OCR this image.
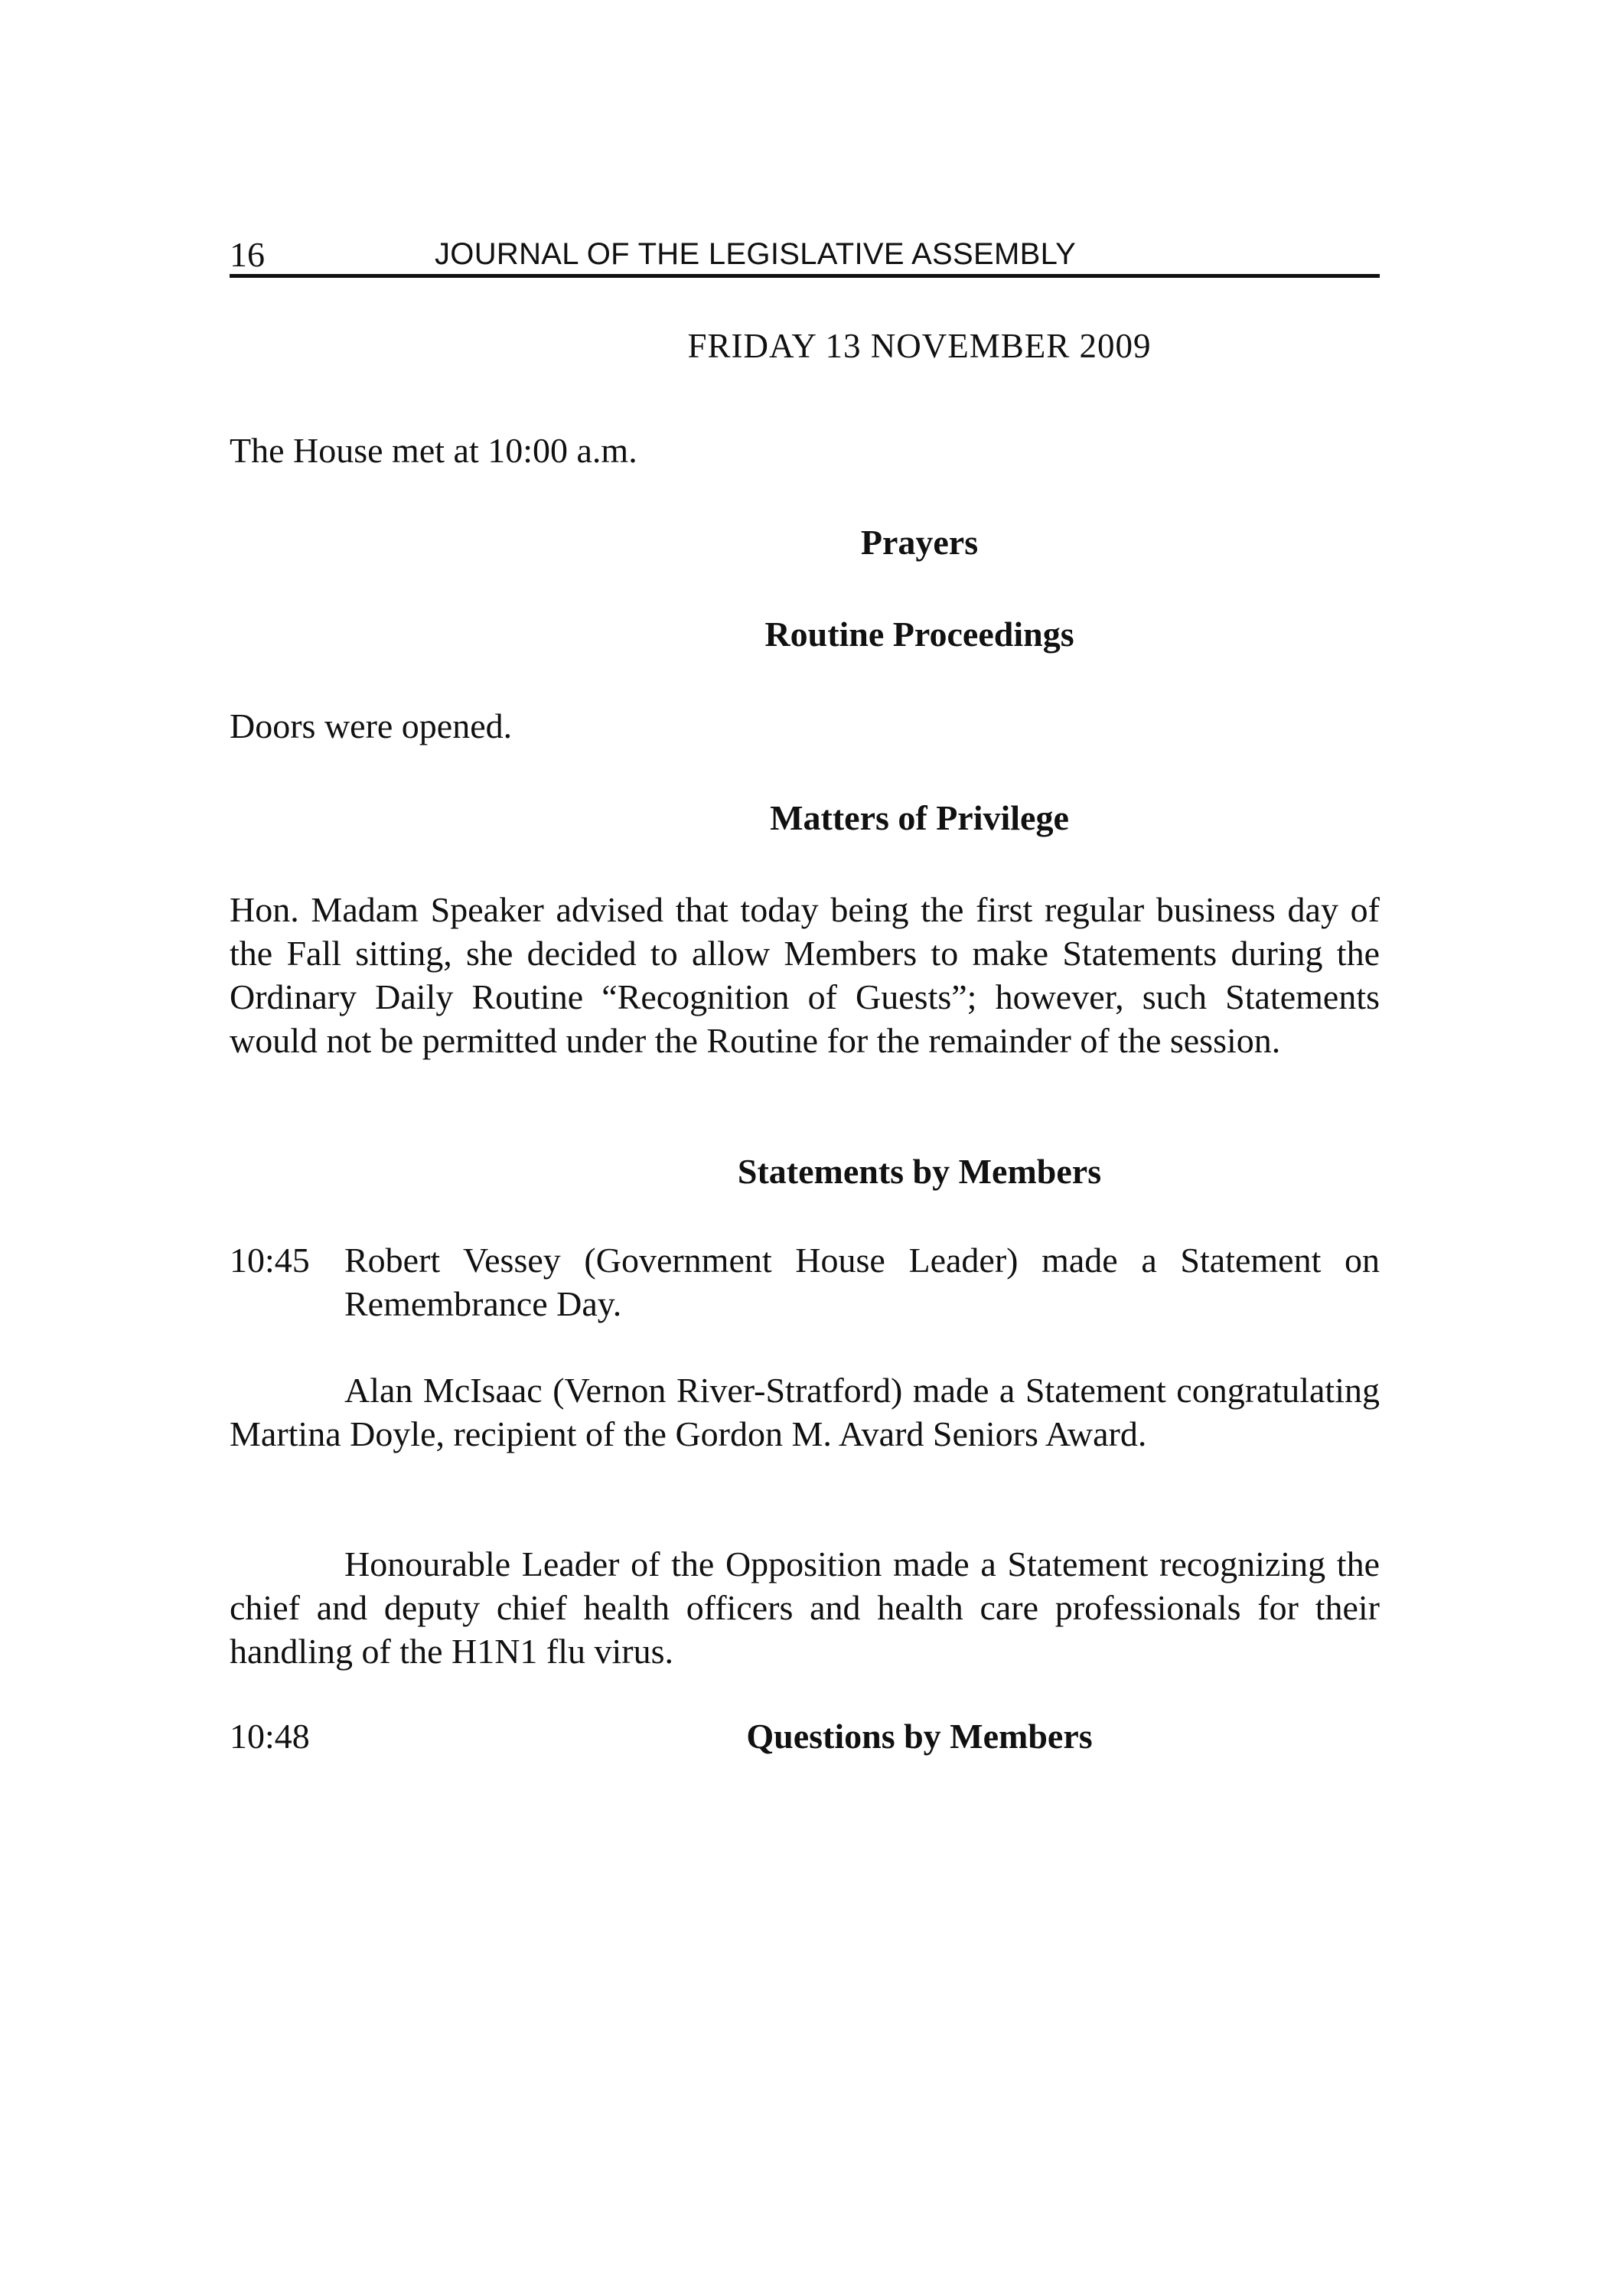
16	JOURNAL OF THE LEGISLATIVE ASSEMBLY
FRIDAY 13 NOVEMBER 2009
The House met at 10:00 a.m.
Prayers
Routine Proceedings
Doors were opened.
Matters of Privilege
Hon. Madam Speaker advised that today being the first regular business day of the Fall sitting, she decided to allow Members to make Statements during the Ordinary Daily Routine “Recognition of Guests”; however, such Statements would not be permitted under the Routine for the remainder of the session.
Statements by Members
10:45 Robert Vessey (Government House Leader) made a Statement on Remembrance Day.
Alan McIsaac (Vernon River-Stratford) made a Statement congratulating Martina Doyle, recipient of the Gordon M. Avard Seniors Award.
Honourable Leader of the Opposition made a Statement recognizing the chief and deputy chief health officers and health care professionals for their handling of the H1N1 flu virus.
10:48	Questions by Members
